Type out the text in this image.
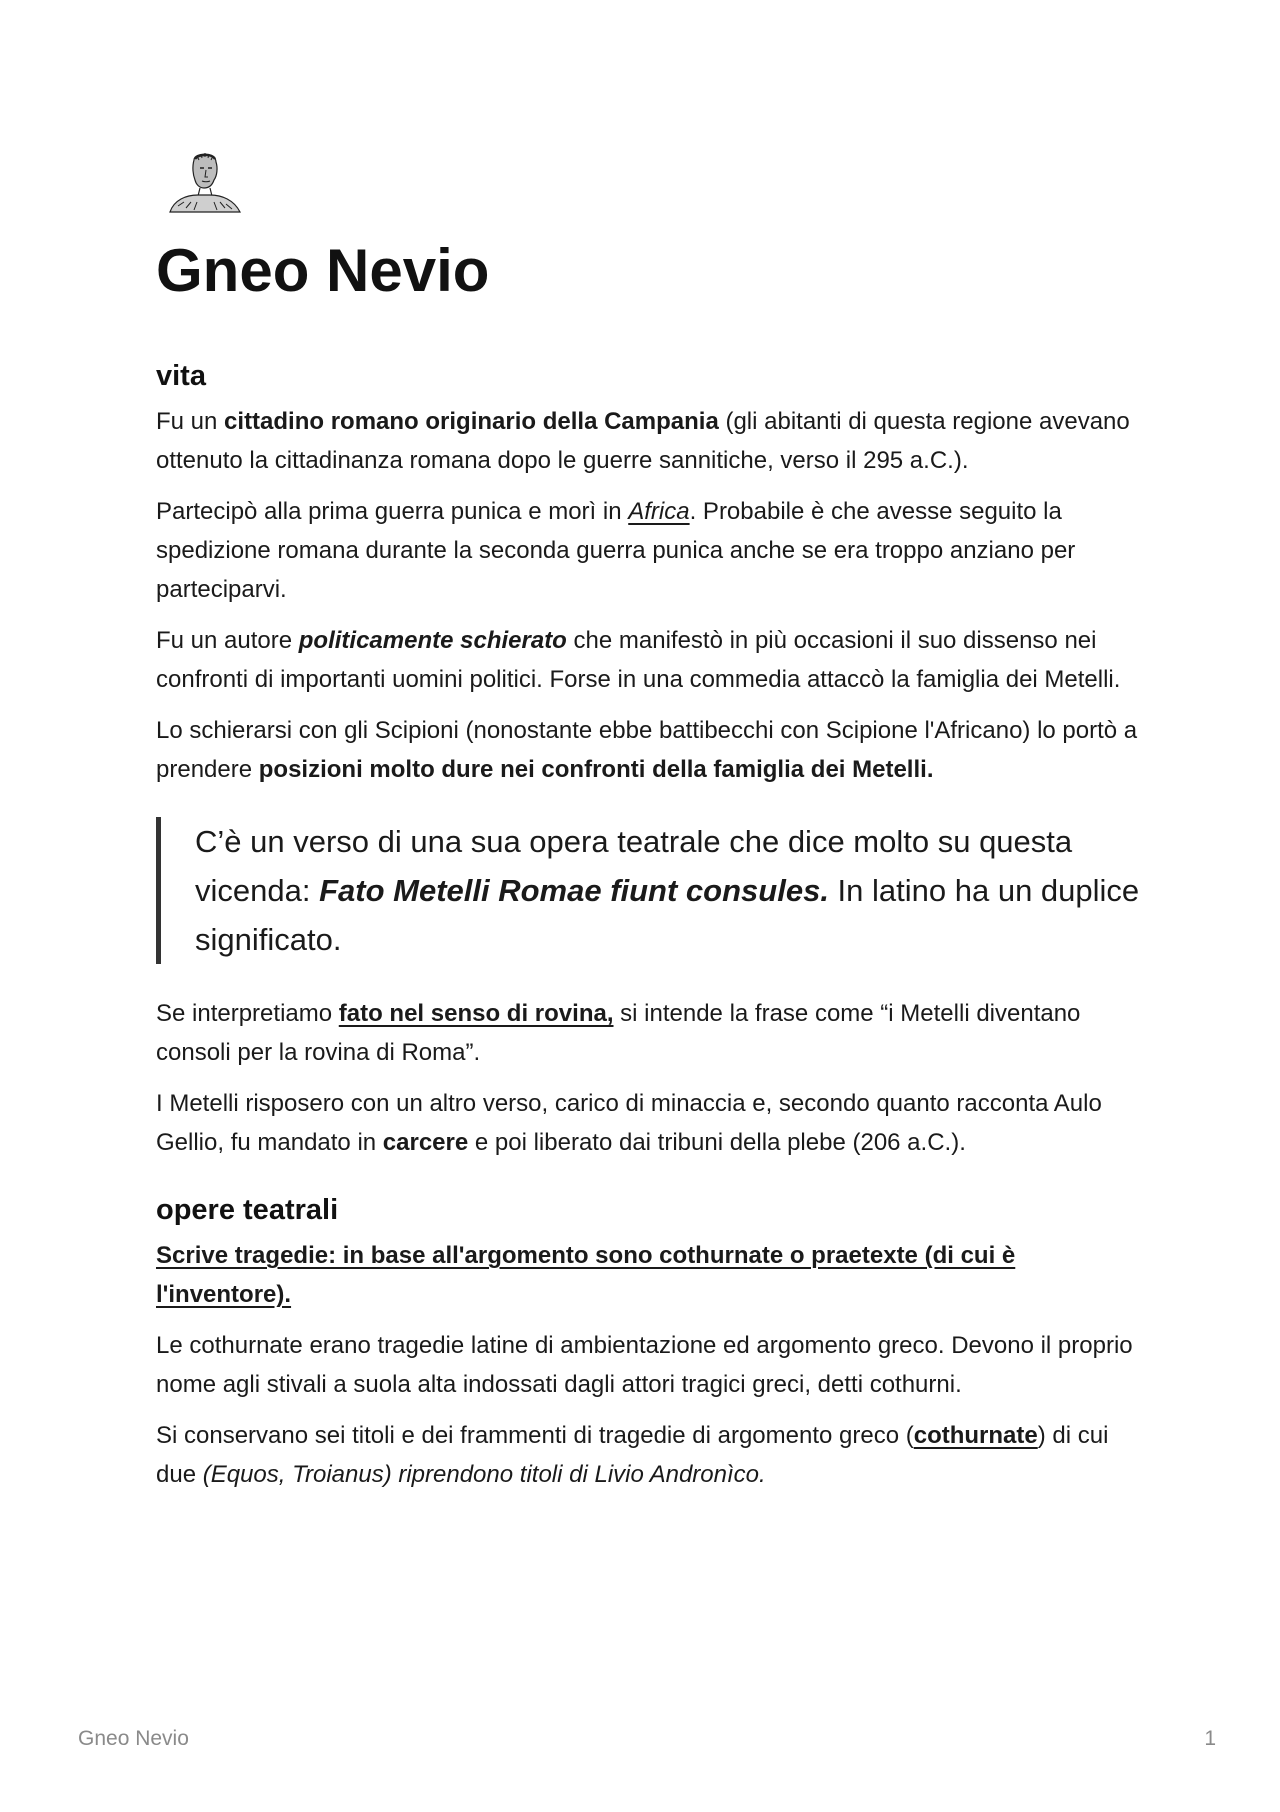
Gneo Nevio
vita

Fu un cittadino romano originario della Campania (gli abitanti di questa regione avevano ottenuto la cittadinanza romana dopo le guerre sannitiche, verso il 295 a.C.).

Partecipò alla prima guerra punica e morì in Africa. Probabile è che avesse seguito la spedizione romana durante la seconda guerra punica anche se era troppo anziano per parteciparvi.

Fu un autore politicamente schierato che manifestò in più occasioni il suo dissenso nei confronti di importanti uomini politici. Forse in una commedia attaccò la famiglia dei Metelli.

Lo schierarsi con gli Scipioni (nonostante ebbe battibecchi con Scipione l'Africano) lo portò a prendere posizioni molto dure nei confronti della famiglia dei Metelli.

C’è un verso di una sua opera teatrale che dice molto su questa vicenda: Fato Metelli Romae fiunt consules. In latino ha un duplice significato.

Se interpretiamo fato nel senso di rovina, si intende la frase come “i Metelli diventano consoli per la rovina di Roma”.

I Metelli risposero con un altro verso, carico di minaccia e, secondo quanto racconta Aulo Gellio, fu mandato in carcere e poi liberato dai tribuni della plebe (206 a.C.).

opere teatrali

Scrive tragedie: in base all'argomento sono cothurnate o praetexte (di cui è l'inventore).

Le cothurnate erano tragedie latine di ambientazione ed argomento greco. Devono il proprio nome agli stivali a suola alta indossati dagli attori tragici greci, detti cothurni.

Si conservano sei titoli e dei frammenti di tragedie di argomento greco (cothurnate) di cui due (Equos, Troianus) riprendono titoli di Livio Andronìco.

Gneo Nevio	1
